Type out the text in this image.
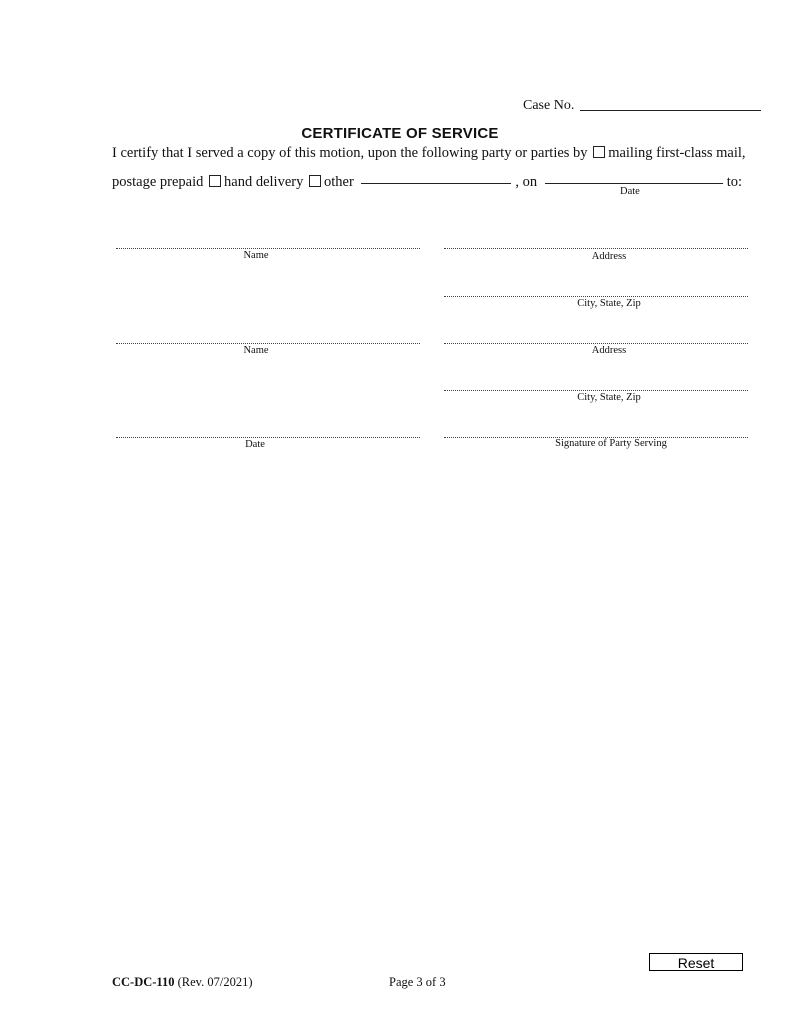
Case No.
CERTIFICATE OF SERVICE
I certify that I served a copy of this motion, upon the following party or parties by mailing first-class mail,
postage prepaid hand delivery other	, on	to:
Date
Name	Address
City, State, Zip
Name	Address
City, State, Zip
Date	Signature of Party Serving
CC-DC-110 (Rev. 07/2021)	Page 3 of 3
Reset
